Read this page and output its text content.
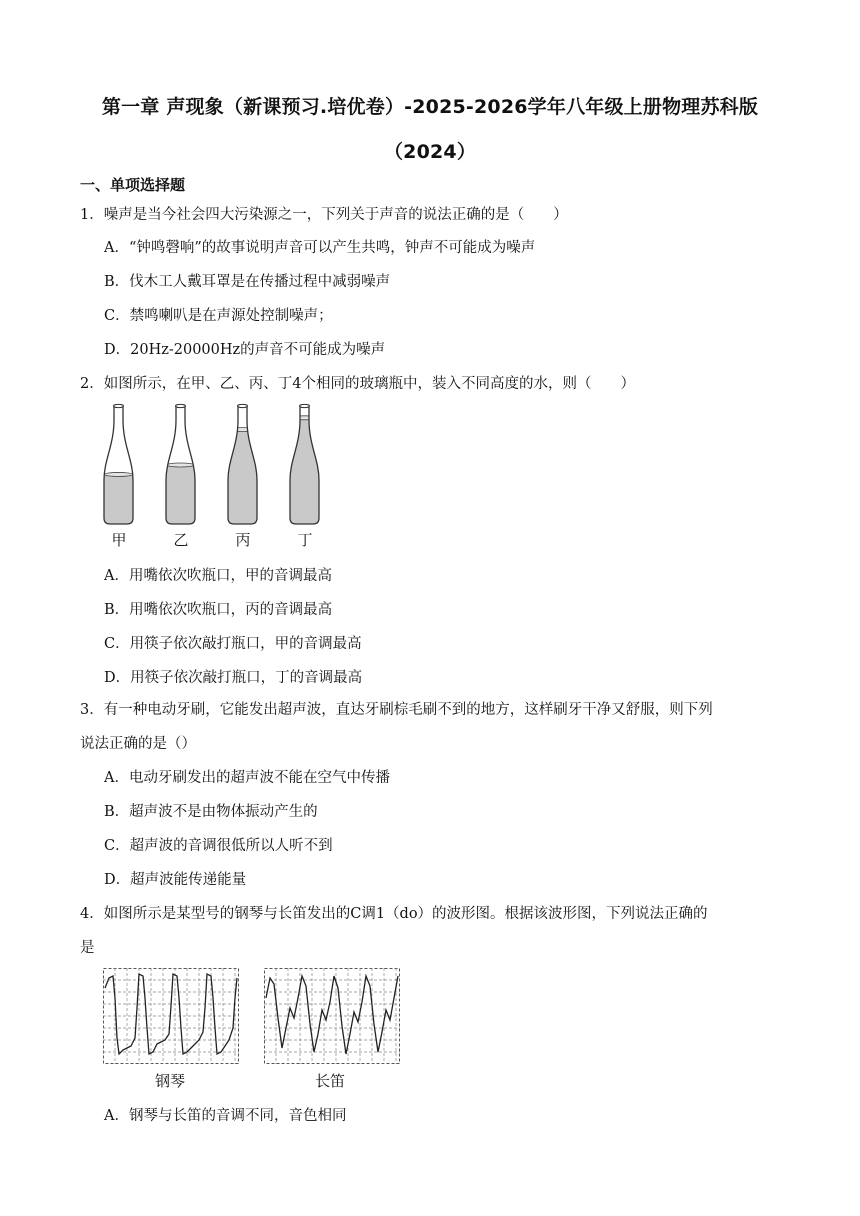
第一章 声现象（新课预习.培优卷）-2025-2026学年八年级上册物理苏科版
（2024）
一、单项选择题
1．噪声是当今社会四大污染源之一，下列关于声音的说法正确的是（　　）
A．“钟鸣磬响”的故事说明声音可以产生共鸣，钟声不可能成为噪声
B．伐木工人戴耳罩是在传播过程中减弱噪声
C．禁鸣喇叭是在声源处控制噪声；
D．20Hz-20000Hz的声音不可能成为噪声
2．如图所示，在甲、乙、丙、丁4个相同的玻璃瓶中，装入不同高度的水，则（　　）
甲	乙	丙	丁
A．用嘴依次吹瓶口，甲的音调最高
B．用嘴依次吹瓶口，丙的音调最高
C．用筷子依次敲打瓶口，甲的音调最高
D．用筷子依次敲打瓶口，丁的音调最高
3．有一种电动牙刷，它能发出超声波，直达牙刷棕毛刷不到的地方，这样刷牙干净又舒服，则下列
说法正确的是（）
A．电动牙刷发出的超声波不能在空气中传播
B．超声波不是由物体振动产生的
C．超声波的音调很低所以人听不到
D．超声波能传递能量
4．如图所示是某型号的钢琴与长笛发出的C调1（do）的波形图。根据该波形图，下列说法正确的
是
钢琴	长笛
A．钢琴与长笛的音调不同，音色相同
